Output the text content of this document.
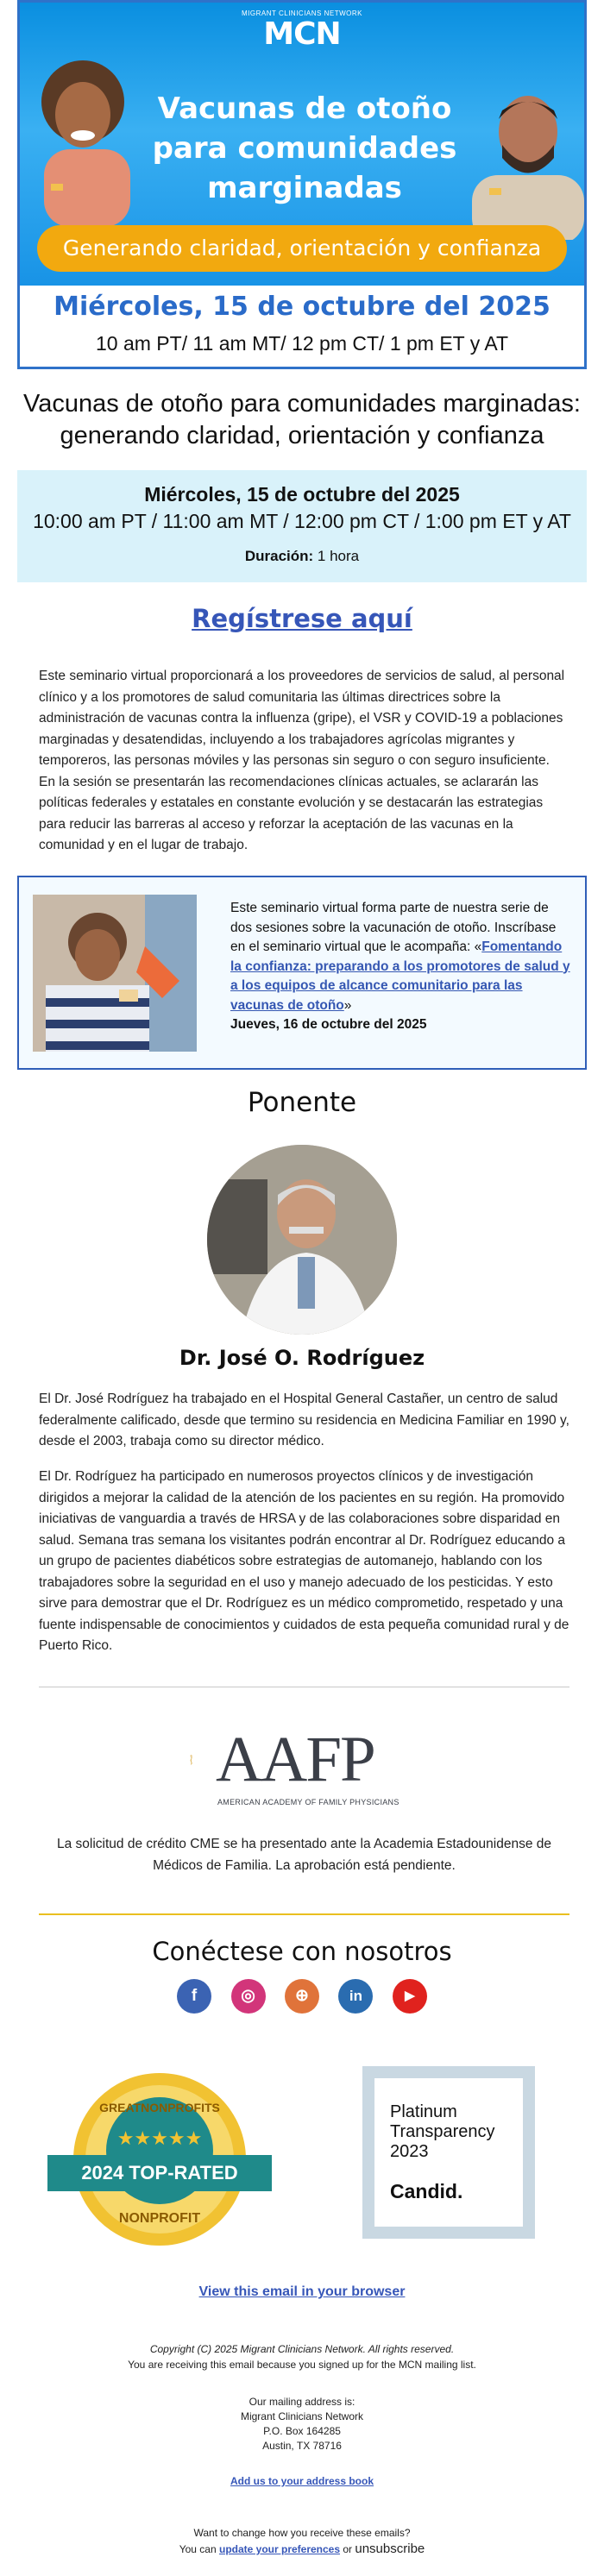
MIGRANT CLINICIANS NETWORK
MCN
Vacunas de otoño para comunidades marginadas
Generando claridad, orientación y confianza
Miércoles, 15 de octubre del 2025
10 am PT/ 11 am MT/ 12 pm CT/ 1 pm ET y AT
Vacunas de otoño para comunidades marginadas: generando claridad, orientación y confianza
Miércoles, 15 de octubre del 2025
10:00 am PT / 11:00 am MT / 12:00 pm CT / 1:00 pm ET y AT
Duración: 1 hora
Regístrese aquí
Este seminario virtual proporcionará a los proveedores de servicios de salud, al personal clínico y a los promotores de salud comunitaria las últimas directrices sobre la administración de vacunas contra la influenza (gripe), el VSR y COVID-19 a poblaciones marginadas y desatendidas, incluyendo a los trabajadores agrícolas migrantes y temporeros, las personas móviles y las personas sin seguro o con seguro insuficiente. En la sesión se presentarán las recomendaciones clínicas actuales, se aclararán las políticas federales y estatales en constante evolución y se destacarán las estrategias para reducir las barreras al acceso y reforzar la aceptación de las vacunas en la comunidad y en el lugar de trabajo.
Este seminario virtual forma parte de nuestra serie de dos sesiones sobre la vacunación de otoño. Inscríbase en el seminario virtual que le acompaña: «Fomentando la confianza: preparando a los promotores de salud y a los equipos de alcance comunitario para las vacunas de otoño»
Jueves, 16 de octubre del 2025
Ponente
Dr. José O. Rodríguez
El Dr. José Rodríguez ha trabajado en el Hospital General Castañer, un centro de salud federalmente calificado, desde que termino su residencia en Medicina Familiar en 1990 y, desde el 2003, trabaja como su director médico.
El Dr. Rodríguez ha participado en numerosos proyectos clínicos y de investigación dirigidos a mejorar la calidad de la atención de los pacientes en su región. Ha promovido iniciativas de vanguardia a través de HRSA y de las colaboraciones sobre disparidad en salud. Semana tras semana los visitantes podrán encontrar al Dr. Rodríguez educando a un grupo de pacientes diabéticos sobre estrategias de automanejo, hablando con los trabajadores sobre la seguridad en el uso y manejo adecuado de los pesticidas. Y esto sirve para demostrar que el Dr. Rodríguez es un médico comprometido, respetado y una fuente indispensable de conocimientos y cuidados de esta pequeña comunidad rural y de Puerto Rico.
AAFP
AMERICAN ACADEMY OF FAMILY PHYSICIANS
La solicitud de crédito CME se ha presentado ante la Academia Estadounidense de Médicos de Familia. La aprobación está pendiente.
Conéctese con nosotros
f	◎ ⊕	in	▶
GREATNONPROFITS
★★★★★
2024 TOP-RATED
NONPROFIT
Platinum
Transparency
2023
Candid.
View this email in your browser
Copyright (C) 2025 Migrant Clinicians Network. All rights reserved.
You are receiving this email because you signed up for the MCN mailing list.
Our mailing address is:
Migrant Clinicians Network
P.O. Box 164285
Austin, TX 78716
Add us to your address book
Want to change how you receive these emails?
You can update your preferences or unsubscribe
